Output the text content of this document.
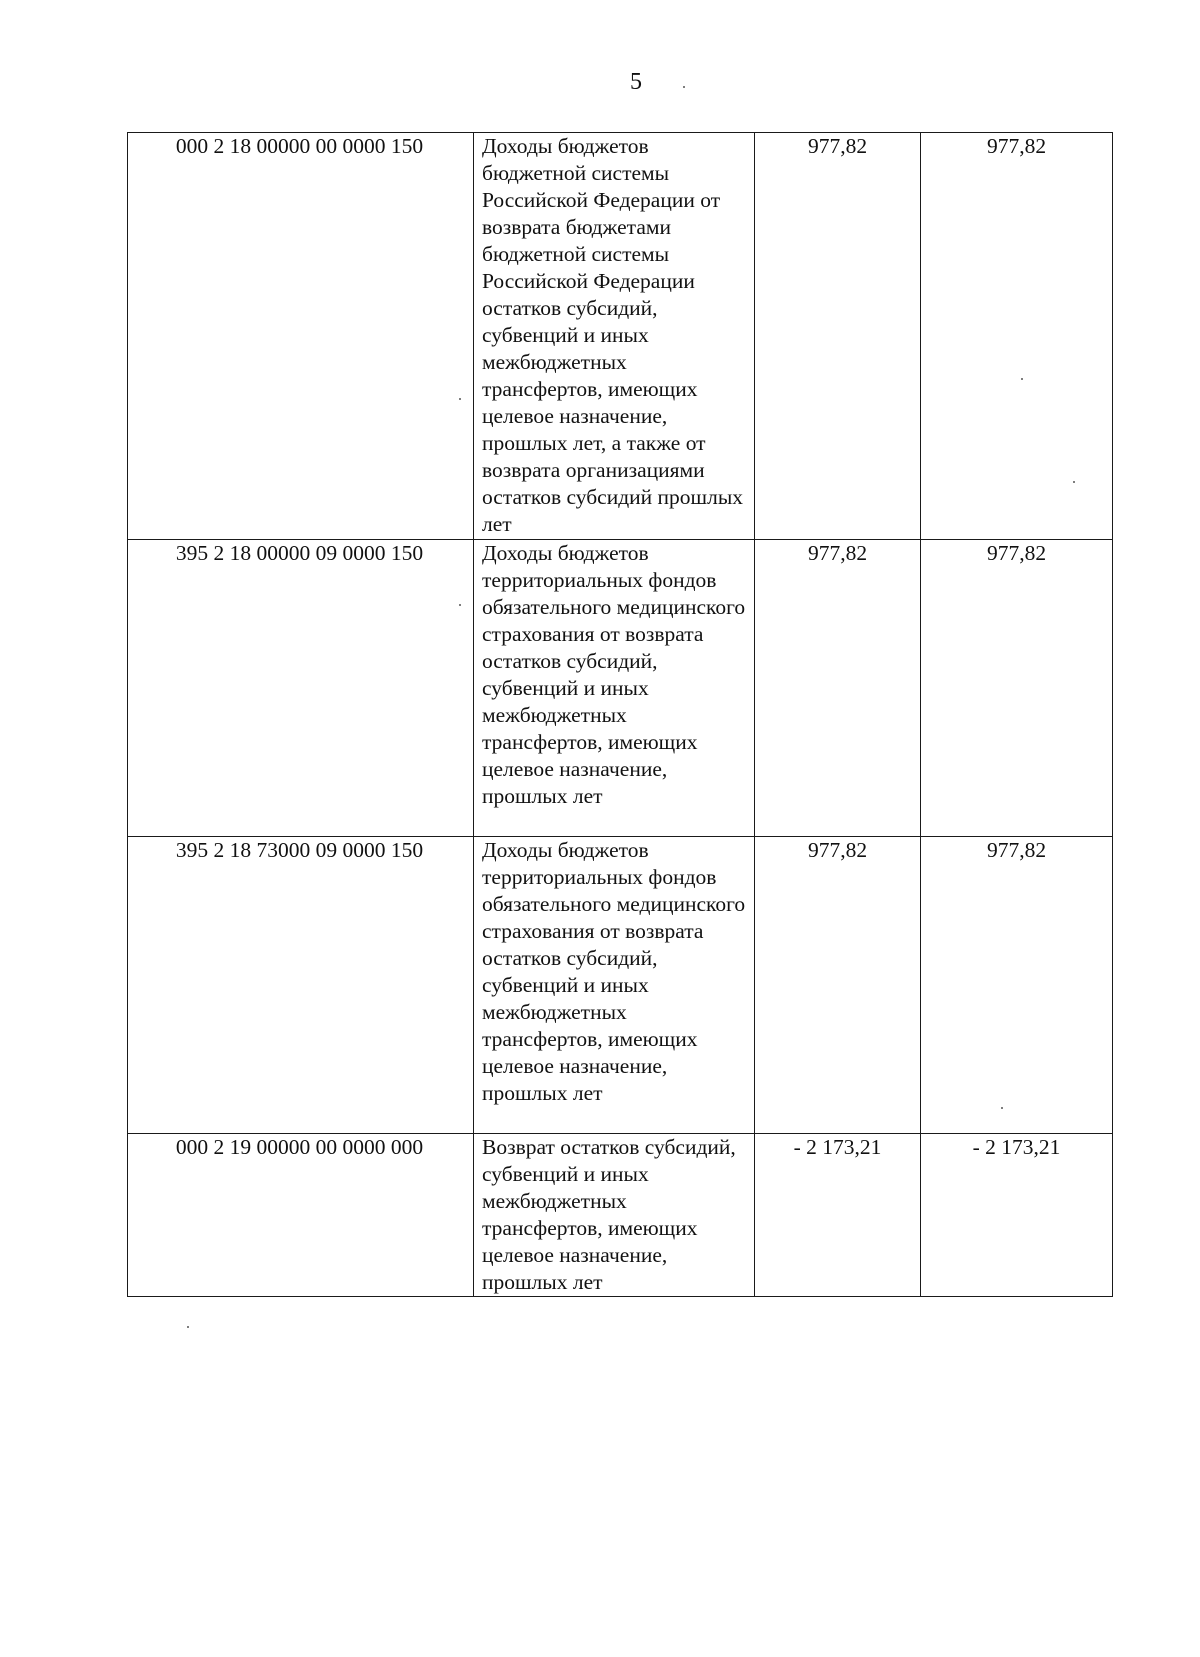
5
000 2 18 00000 00 0000 150	Доходы бюджетов бюджетной системы Российской Федерации от возврата бюджетами бюджетной системы Российской Федерации остатков субсидий, субвенций и иных межбюджетных трансфертов, имеющих целевое назначение, прошлых лет, а также от возврата организациями остатков субсидий прошлых лет	977,82	977,82
395 2 18 00000 09 0000 150	Доходы бюджетов территориальных фондов обязательного медицинского страхования от возврата остатков субсидий, субвенций и иных межбюджетных трансфертов, имеющих целевое назначение, прошлых лет	977,82	977,82
395 2 18 73000 09 0000 150	Доходы бюджетов территориальных фондов обязательного медицинского страхования от возврата остатков субсидий, субвенций и иных межбюджетных трансфертов, имеющих целевое назначение, прошлых лет	977,82	977,82
000 2 19 00000 00 0000 000	Возврат остатков субсидий, субвенций и иных межбюджетных трансфертов, имеющих целевое назначение, прошлых лет	- 2 173,21	- 2 173,21
